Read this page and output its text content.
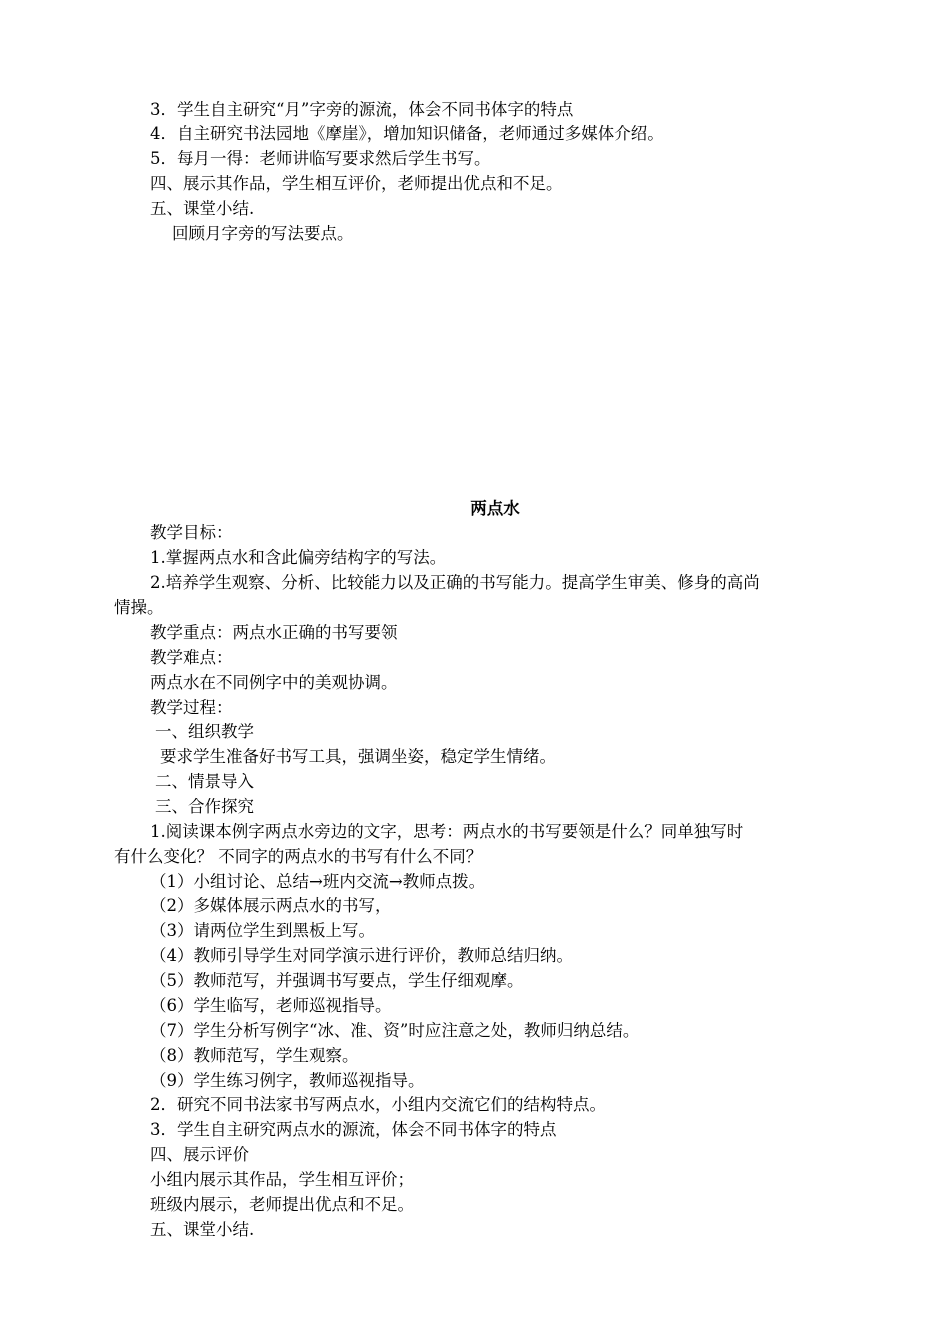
3．学生自主研究“月”字旁的源流，体会不同书体字的特点
4．自主研究书法园地《摩崖》，增加知识储备，老师通过多媒体介绍。
5．每月一得：老师讲临写要求然后学生书写。
四、展示其作品，学生相互评价，老师提出优点和不足。
五、课堂小结.
回顾月字旁的写法要点。
两点水
教学目标：
1.掌握两点水和含此偏旁结构字的写法。
2.培养学生观察、分析、比较能力以及正确的书写能力。提高学生审美、修身的高尚
情操。
教学重点：两点水正确的书写要领
教学难点：
两点水在不同例字中的美观协调。
教学过程：
一、组织教学
要求学生准备好书写工具，强调坐姿，稳定学生情绪。
二、情景导入
三、合作探究
1.阅读课本例字两点水旁边的文字，思考：两点水的书写要领是什么？同单独写时
有什么变化？ 不同字的两点水的书写有什么不同？
（1）小组讨论、总结→班内交流→教师点拨。
（2）多媒体展示两点水的书写，
（3）请两位学生到黑板上写。
（4）教师引导学生对同学演示进行评价，教师总结归纳。
（5）教师范写，并强调书写要点，学生仔细观摩。
（6）学生临写，老师巡视指导。
（7）学生分析写例字“冰、准、资”时应注意之处，教师归纳总结。
（8）教师范写，学生观察。
（9）学生练习例字，教师巡视指导。
2．研究不同书法家书写两点水，小组内交流它们的结构特点。
3．学生自主研究两点水的源流，体会不同书体字的特点
四、展示评价
小组内展示其作品，学生相互评价；
班级内展示，老师提出优点和不足。
五、课堂小结.
